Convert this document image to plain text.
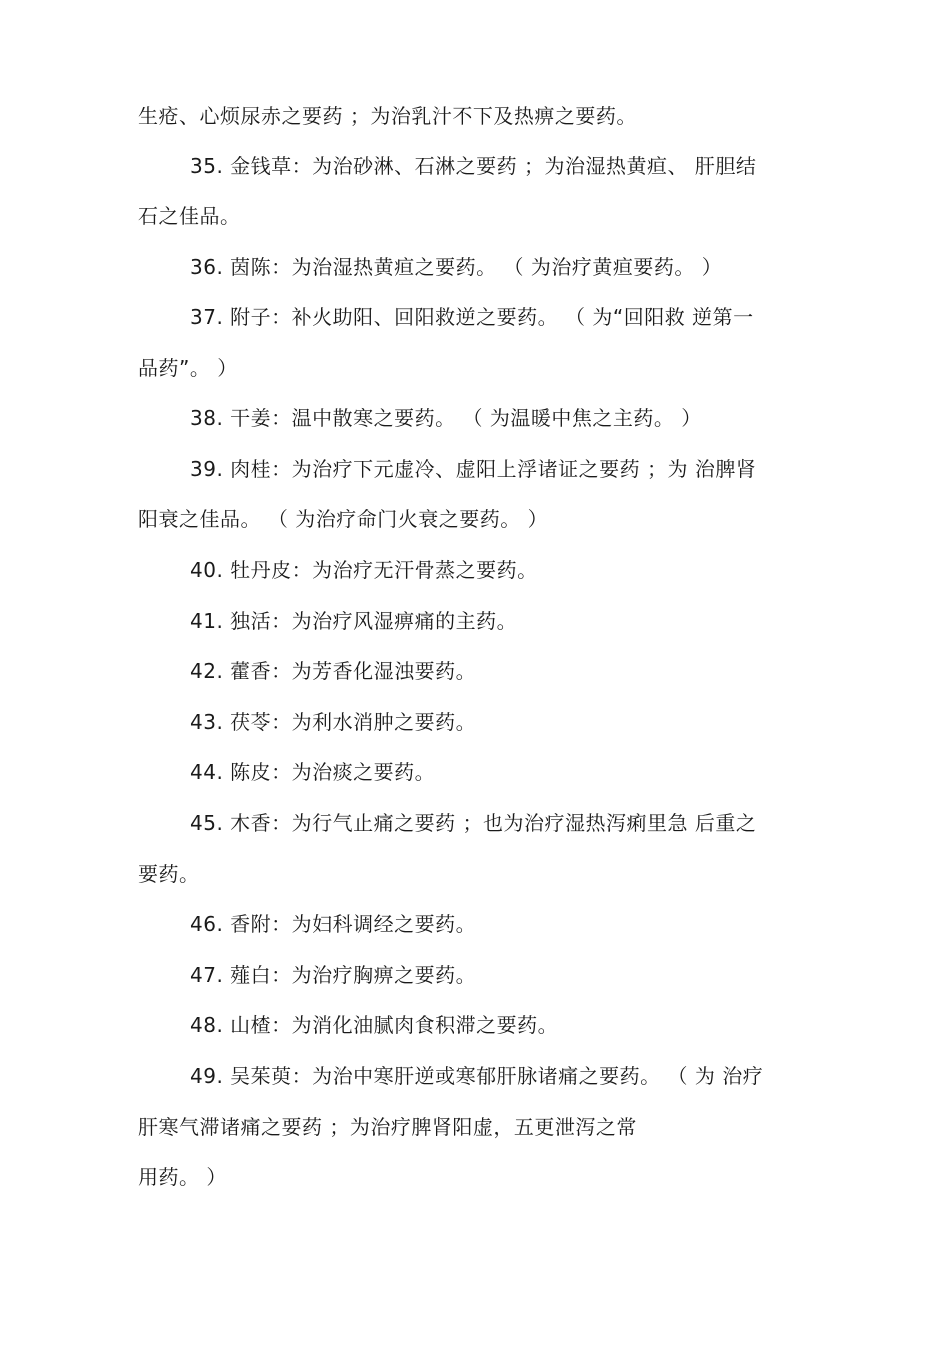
生疮、心烦尿赤之要药 ；为治乳汁不下及热痹之要药。
35. 金钱草：为治砂淋、石淋之要药 ；为治湿热黄疸、 肝胆结
石之佳品。
36. 茵陈：为治湿热黄疸之要药。 （ 为治疗黄疸要药。 ）
37. 附子：补火助阳、回阳救逆之要药。 （ 为“回阳救 逆第一
品药”。 ）
38. 干姜：温中散寒之要药。 （ 为温暖中焦之主药。 ）
39. 肉桂：为治疗下元虚冷、虚阳上浮诸证之要药 ；为 治脾肾
阳衰之佳品。 （ 为治疗命门火衰之要药。 ）
40. 牡丹皮：为治疗无汗骨蒸之要药。
41. 独活：为治疗风湿痹痛的主药。
42. 藿香：为芳香化湿浊要药。
43. 茯苓：为利水消肿之要药。
44. 陈皮：为治痰之要药。
45. 木香：为行气止痛之要药 ；也为治疗湿热泻痢里急 后重之
要药。
46. 香附：为妇科调经之要药。
47. 薤白：为治疗胸痹之要药。
48. 山楂：为消化油腻肉食积滞之要药。
49. 吴茱萸：为治中寒肝逆或寒郁肝脉诸痛之要药。 （ 为 治疗
肝寒气滞诸痛之要药 ；为治疗脾肾阳虚，五更泄泻之常
用药。 ）
